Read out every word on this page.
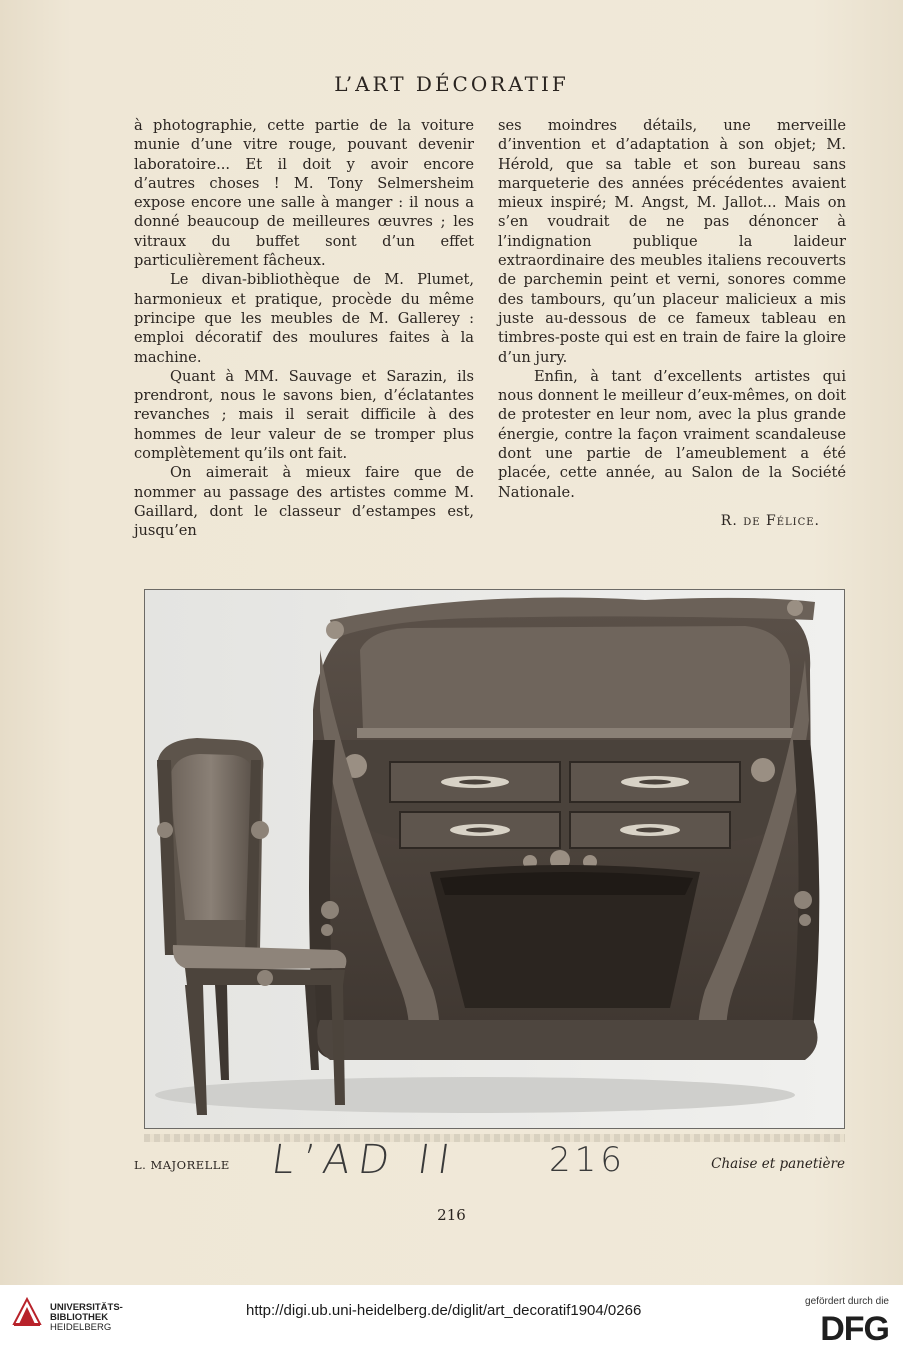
L’ART DÉCORATIF

à photographie, cette partie de la voiture munie d’une vitre rouge, pouvant devenir laboratoire... Et il doit y avoir encore d’autres choses ! M. Tony Selmersheim expose encore une salle à manger : il nous a donné beaucoup de meilleures œuvres ; les vitraux du buffet sont d’un effet particulièrement fâcheux.

Le divan-bibliothèque de M. Plumet, harmonieux et pratique, procède du même principe que les meubles de M. Gallerey : emploi décoratif des moulures faites à la machine.

Quant à MM. Sauvage et Sarazin, ils prendront, nous le savons bien, d’éclatantes revanches ; mais il serait difficile à des hommes de leur valeur de se tromper plus complètement qu’ils ont fait.

On aimerait à mieux faire que de nommer au passage des artistes comme M. Gaillard, dont le classeur d’estampes est, jusqu’en

ses moindres détails, une merveille d’invention et d’adaptation à son objet; M. Hérold, que sa table et son bureau sans marqueterie des années précédentes avaient mieux inspiré; M. Angst, M. Jallot... Mais on s’en voudrait de ne pas dénoncer à l’indignation publique la laideur extraordinaire des meubles italiens recouverts de parchemin peint et verni, sonores comme des tambours, qu’un placeur malicieux a mis juste au-dessous de ce fameux tableau en timbres-poste qui est en train de faire la gloire d’un jury.

Enfin, à tant d’excellents artistes qui nous donnent le meilleur d’eux-mêmes, on doit de protester en leur nom, avec la plus grande énergie, contre la façon vraiment scandaleuse dont une partie de l’ameublement a été placée, cette année, au Salon de la Société Nationale.

R. de Félice.
L. MAJORELLE L’AD II	216	Chaise et panetière
216
UNIVERSITÄTS-
BIBLIOTHEK
HEIDELBERG
http://digi.ub.uni-heidelberg.de/diglit/art_decoratif1904/0266
gefördert durch die
DFG
